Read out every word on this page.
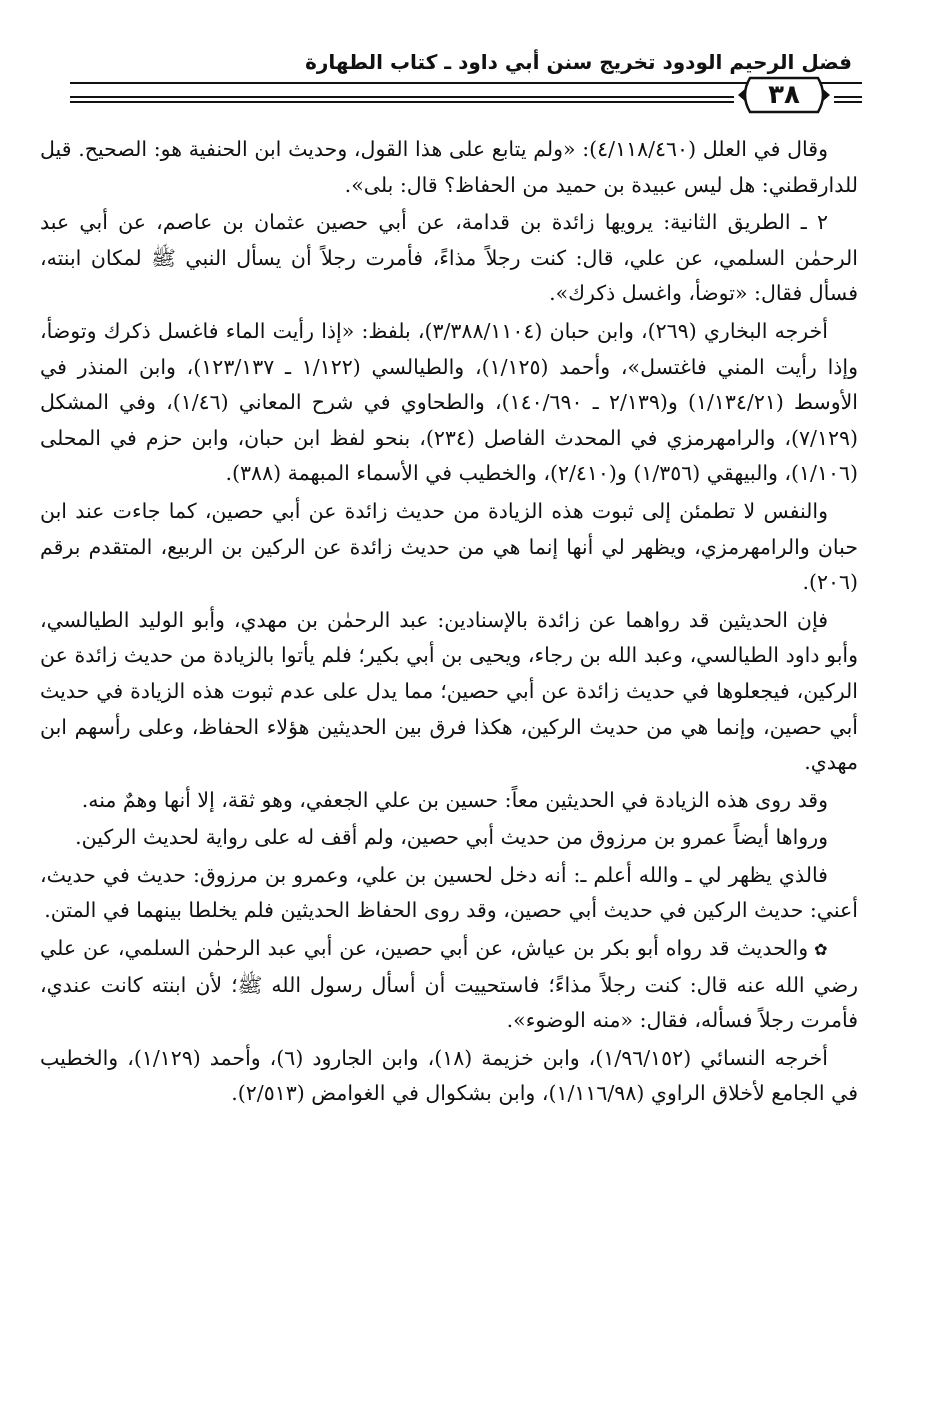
فضل الرحيم الودود تخريج سنن أبي داود ـ كتاب الطهارة
٣٨

وقال في العلل (٤/١١٨/٤٦٠): «ولم يتابع على هذا القول، وحديث ابن الحنفية هو: الصحيح. قيل للدارقطني: هل ليس عبيدة بن حميد من الحفاظ؟ قال: بلى».

٢ ـ الطريق الثانية: يرويها زائدة بن قدامة، عن أبي حصين عثمان بن عاصم، عن أبي عبد الرحمٰن السلمي، عن علي، قال: كنت رجلاً مذاءً، فأمرت رجلاً أن يسأل النبي ﷺ لمكان ابنته، فسأل فقال: «توضأ، واغسل ذكرك».

أخرجه البخاري (٢٦٩)، وابن حبان (٣/٣٨٨/١١٠٤)، بلفظ: «إذا رأيت الماء فاغسل ذكرك وتوضأ، وإذا رأيت المني فاغتسل»، وأحمد (١/١٢٥)، والطيالسي (١/١٢٢ ـ ١٢٣/١٣٧)، وابن المنذر في الأوسط (١/١٣٤/٢١) و(٢/١٣٩ ـ ١٤٠/٦٩٠)، والطحاوي في شرح المعاني (١/٤٦)، وفي المشكل (٧/١٢٩)، والرامهرمزي في المحدث الفاصل (٢٣٤)، بنحو لفظ ابن حبان، وابن حزم في المحلى (١/١٠٦)، والبيهقي (١/٣٥٦) و(٢/٤١٠)، والخطيب في الأسماء المبهمة (٣٨٨).

والنفس لا تطمئن إلى ثبوت هذه الزيادة من حديث زائدة عن أبي حصين، كما جاءت عند ابن حبان والرامهرمزي، ويظهر لي أنها إنما هي من حديث زائدة عن الركين بن الربيع، المتقدم برقم (٢٠٦).

فإن الحديثين قد رواهما عن زائدة بالإسنادين: عبد الرحمٰن بن مهدي، وأبو الوليد الطيالسي، وأبو داود الطيالسي، وعبد الله بن رجاء، ويحيى بن أبي بكير؛ فلم يأتوا بالزيادة من حديث زائدة عن الركين، فيجعلوها في حديث زائدة عن أبي حصين؛ مما يدل على عدم ثبوت هذه الزيادة في حديث أبي حصين، وإنما هي من حديث الركين، هكذا فرق بين الحديثين هؤلاء الحفاظ، وعلى رأسهم ابن مهدي.

وقد روى هذه الزيادة في الحديثين معاً: حسين بن علي الجعفي، وهو ثقة، إلا أنها وهمٌ منه.

ورواها أيضاً عمرو بن مرزوق من حديث أبي حصين، ولم أقف له على رواية لحديث الركين.

فالذي يظهر لي ـ والله أعلم ـ: أنه دخل لحسين بن علي، وعمرو بن مرزوق: حديث في حديث، أعني: حديث الركين في حديث أبي حصين، وقد روى الحفاظ الحديثين فلم يخلطا بينهما في المتن.

✿والحديث قد رواه أبو بكر بن عياش، عن أبي حصين، عن أبي عبد الرحمٰن السلمي، عن علي رضي الله عنه قال: كنت رجلاً مذاءً؛ فاستحييت أن أسأل رسول الله ﷺ؛ لأن ابنته كانت عندي، فأمرت رجلاً فسأله، فقال: «منه الوضوء».

أخرجه النسائي (١/٩٦/١٥٢)، وابن خزيمة (١٨)، وابن الجارود (٦)، وأحمد (١/١٢٩)، والخطيب في الجامع لأخلاق الراوي (١/١١٦/٩٨)، وابن بشكوال في الغوامض (٢/٥١٣).
